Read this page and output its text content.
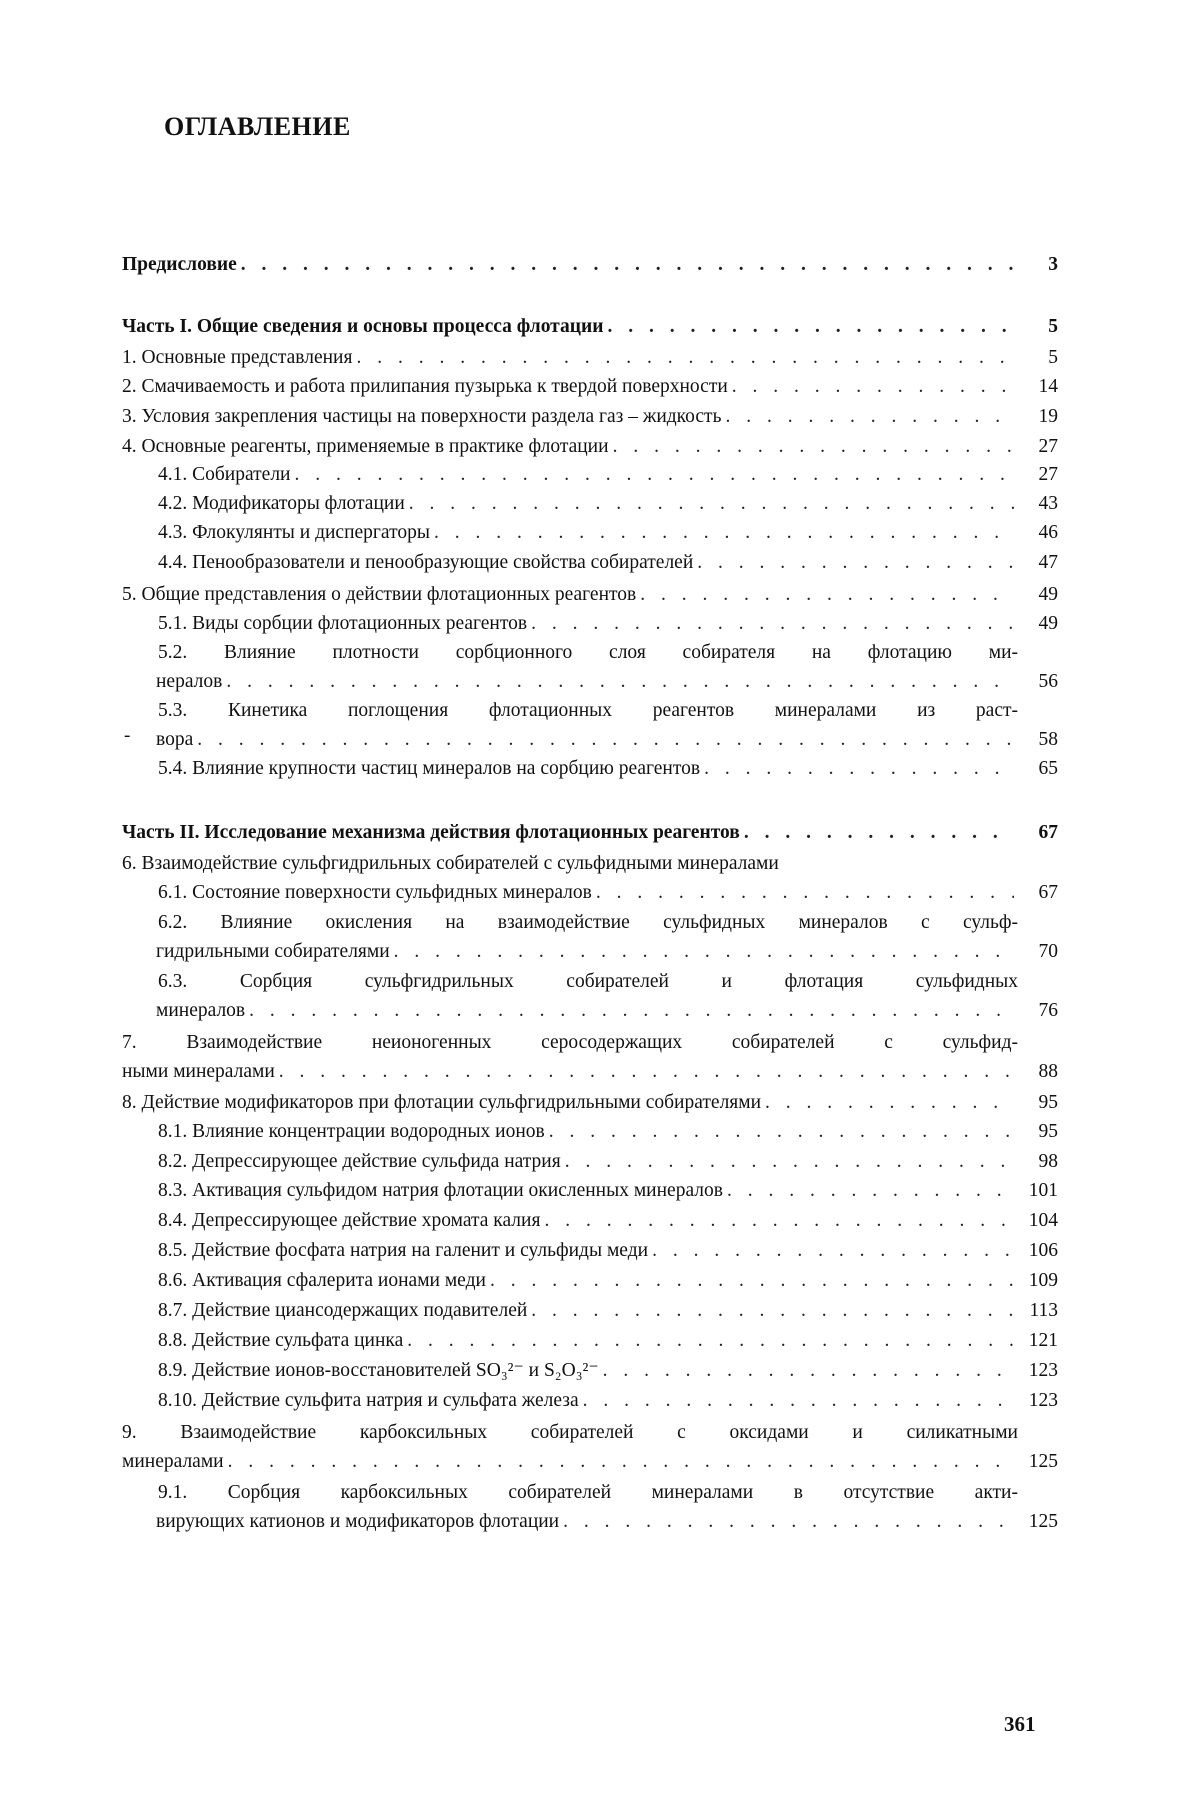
ОГЛАВЛЕНИЕ
Предисловие . . .	3
Часть I. Общие сведения и основы процесса флотации . . .	5
1. Основные представления . . .	5
2. Смачиваемость и работа прилипания пузырька к твердой поверхности . . .	14
3. Условия закрепления частицы на поверхности раздела газ – жидкость . . .	19
4. Основные реагенты, применяемые в практике флотации . . .	27
4.1. Собиратели . . .	27
4.2. Модификаторы флотации . . .	43
4.3. Флокулянты и диспергаторы . . .	46
4.4. Пенообразователи и пенообразующие свойства собирателей . . .	47
5. Общие представления о действии флотационных реагентов . . .	49
5.1. Виды сорбции флотационных реагентов . . .	49
5.2. Влияние плотности сорбционного слоя собирателя на флотацию ми-
нералов . . .	56
5.3. Кинетика поглощения флотационных реагентов минералами из раст-
вора . . .	58
5.4. Влияние крупности частиц минералов на сорбцию реагентов . . .	65
Часть II. Исследование механизма действия флотационных реагентов . . .	67
6. Взаимодействие сульфгидрильных собирателей с сульфидными минералами
6.1. Состояние поверхности сульфидных минералов . . .	67
6.2. Влияние окисления на взаимодействие сульфидных минералов с сульф-
гидрильными собирателями . . .	70
6.3. Сорбция сульфгидрильных собирателей и флотация сульфидных
минералов . . .	76
7. Взаимодействие неионогенных серосодержащих собирателей с сульфид-
ными минералами . . .	88
8. Действие модификаторов при флотации сульфгидрильными собирателями . . .	95
8.1. Влияние концентрации водородных ионов . . .	95
8.2. Депрессирующее действие сульфида натрия . . .	98
8.3. Активация сульфидом натрия флотации окисленных минералов . . .	101
8.4. Депрессирующее действие хромата калия . . .	104
8.5. Действие фосфата натрия на галенит и сульфиды меди . . .	106
8.6. Активация сфалерита ионами меди . . .	109
8.7. Действие циансодержащих подавителей . . .	113
8.8. Действие сульфата цинка . . .	121
8.9. Действие ионов-восстановителей SO₃²⁻ и S₂O₃²⁻ . . .	123
8.10. Действие сульфита натрия и сульфата железа . . .	123
9. Взаимодействие карбоксильных собирателей с оксидами и силикатными
минералами . . .	125
9.1. Сорбция карбоксильных собирателей минералами в отсутствие акти-
вирующих катионов и модификаторов флотации . . .	125
-
361
